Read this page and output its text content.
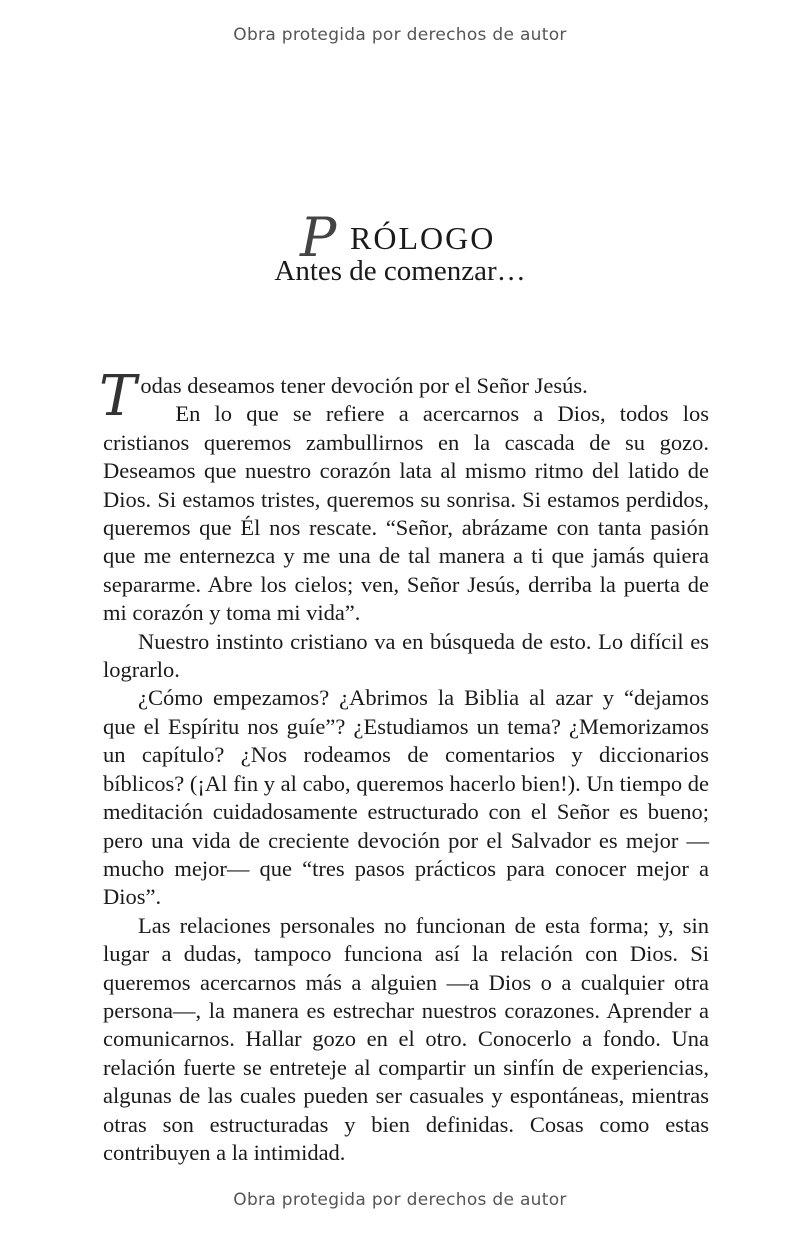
Obra protegida por derechos de autor
P RÓLOGO
Antes de comenzar…

Todas deseamos tener devoción por el Señor Jesús.

En lo que se refiere a acercarnos a Dios, todos los cristianos queremos zambullirnos en la cascada de su gozo. Deseamos que nuestro corazón lata al mismo ritmo del latido de Dios. Si estamos tristes, queremos su sonrisa. Si estamos perdidos, queremos que Él nos rescate. “Señor, abrázame con tanta pasión que me enternezca y me una de tal manera a ti que jamás quiera separarme. Abre los cielos; ven, Señor Jesús, derriba la puerta de mi corazón y toma mi vida”.

Nuestro instinto cristiano va en búsqueda de esto. Lo difícil es lograrlo.

¿Cómo empezamos? ¿Abrimos la Biblia al azar y “dejamos que el Espíritu nos guíe”? ¿Estudiamos un tema? ¿Memorizamos un capítulo? ¿Nos rodeamos de comentarios y diccionarios bíblicos? (¡Al fin y al cabo, queremos hacerlo bien!). Un tiempo de meditación cuidadosamente estructurado con el Señor es bueno; pero una vida de creciente devoción por el Salvador es mejor —mucho mejor— que “tres pasos prácticos para conocer mejor a Dios”.

Las relaciones personales no funcionan de esta forma; y, sin lugar a dudas, tampoco funciona así la relación con Dios. Si queremos acercarnos más a alguien —a Dios o a cualquier otra persona—, la manera es estrechar nuestros corazones. Aprender a comunicarnos. Hallar gozo en el otro. Conocerlo a fondo. Una relación fuerte se entreteje al compartir un sinfín de experiencias, algunas de las cuales pueden ser casuales y espontáneas, mientras otras son estructuradas y bien definidas. Cosas como estas contribuyen a la intimidad.

Obra protegida por derechos de autor
